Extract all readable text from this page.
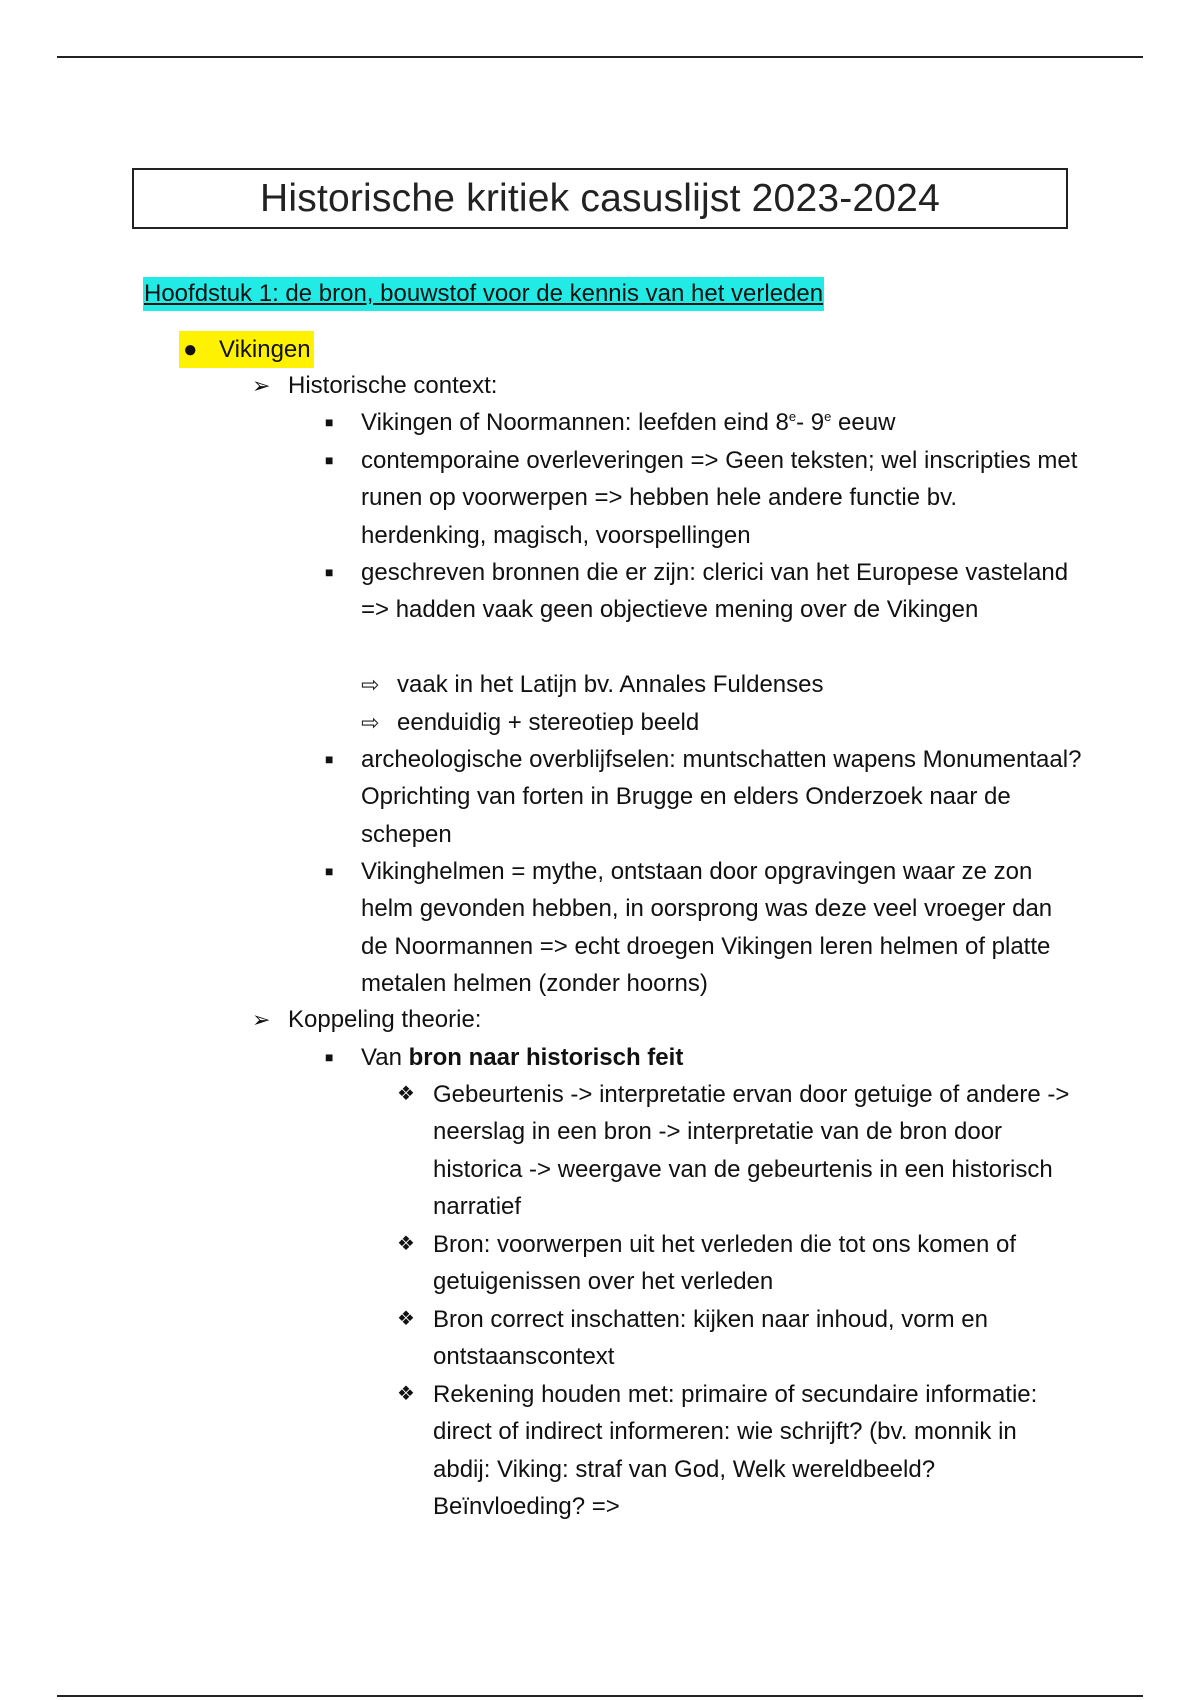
Historische kritiek casuslijst 2023-2024
Hoofdstuk 1: de bron, bouwstof voor de kennis van het verleden
● Vikingen
➢ Historische context:
■	Vikingen of Noormannen: leefden eind 8e- 9e eeuw
■	contemporaine overleveringen => Geen teksten; wel inscripties met runen op voorwerpen => hebben hele andere functie bv. herdenking, magisch, voorspellingen
■	geschreven bronnen die er zijn: clerici van het Europese vasteland => hadden vaak geen objectieve mening over de Vikingen
⇨ vaak in het Latijn bv. Annales Fuldenses
⇨ eenduidig + stereotiep beeld
■	archeologische overblijfselen: muntschatten wapens Monumentaal? Oprichting van forten in Brugge en elders Onderzoek naar de schepen
■	Vikinghelmen = mythe, ontstaan door opgravingen waar ze zon helm gevonden hebben, in oorsprong was deze veel vroeger dan de Noormannen => echt droegen Vikingen leren helmen of platte metalen helmen (zonder hoorns)
➢ Koppeling theorie:
■	Van bron naar historisch feit
❖ Gebeurtenis -> interpretatie ervan door getuige of andere -> neerslag in een bron -> interpretatie van de bron door historica -> weergave van de gebeurtenis in een historisch narratief
❖ Bron: voorwerpen uit het verleden die tot ons komen of getuigenissen over het verleden
❖ Bron correct inschatten: kijken naar inhoud, vorm en ontstaanscontext
❖ Rekening houden met: primaire of secundaire informatie: direct of indirect informeren: wie schrijft? (bv. monnik in abdij: Viking: straf van God, Welk wereldbeeld? Beïnvloeding? =>
